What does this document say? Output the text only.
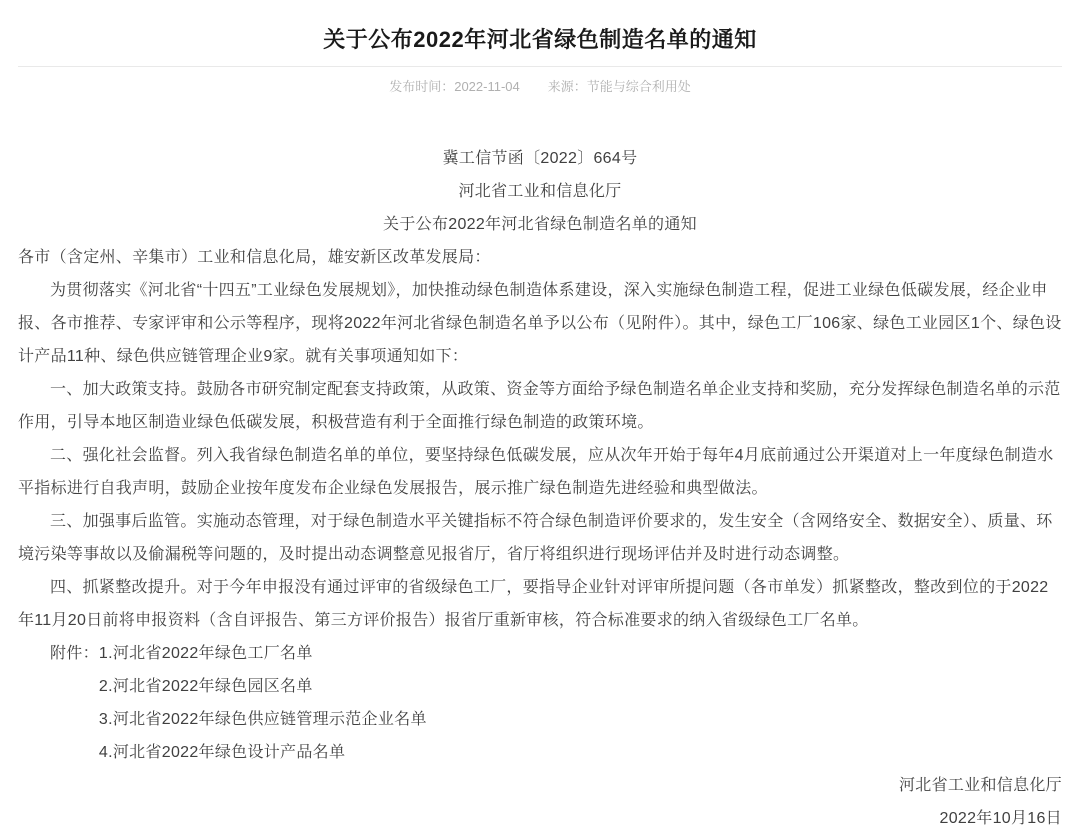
关于公布2022年河北省绿色制造名单的通知
发布时间：2022-11-04 来源：节能与综合利用处

冀工信节函〔2022〕664号

河北省工业和信息化厅

关于公布2022年河北省绿色制造名单的通知

各市（含定州、辛集市）工业和信息化局，雄安新区改革发展局：

为贯彻落实《河北省“十四五”工业绿色发展规划》，加快推动绿色制造体系建设，深入实施绿色制造工程，促进工业绿色低碳发展，经企业申报、各市推荐、专家评审和公示等程序，现将2022年河北省绿色制造名单予以公布（见附件）。其中，绿色工厂106家、绿色工业园区1个、绿色设计产品11种、绿色供应链管理企业9家。就有关事项通知如下：

一、加大政策支持。鼓励各市研究制定配套支持政策，从政策、资金等方面给予绿色制造名单企业支持和奖励，充分发挥绿色制造名单的示范作用，引导本地区制造业绿色低碳发展，积极营造有利于全面推行绿色制造的政策环境。

二、强化社会监督。列入我省绿色制造名单的单位，要坚持绿色低碳发展，应从次年开始于每年4月底前通过公开渠道对上一年度绿色制造水平指标进行自我声明，鼓励企业按年度发布企业绿色发展报告，展示推广绿色制造先进经验和典型做法。

三、加强事后监管。实施动态管理，对于绿色制造水平关键指标不符合绿色制造评价要求的，发生安全（含网络安全、数据安全）、质量、环境污染等事故以及偷漏税等问题的，及时提出动态调整意见报省厅，省厅将组织进行现场评估并及时进行动态调整。

四、抓紧整改提升。对于今年申报没有通过评审的省级绿色工厂，要指导企业针对评审所提问题（各市单发）抓紧整改，整改到位的于2022年11月20日前将申报资料（含自评报告、第三方评价报告）报省厅重新审核，符合标准要求的纳入省级绿色工厂名单。

附件： 1.河北省2022年绿色工厂名单
2.河北省2022年绿色园区名单
3.河北省2022年绿色供应链管理示范企业名单
4.河北省2022年绿色设计产品名单

河北省工业和信息化厅

2022年10月16日
